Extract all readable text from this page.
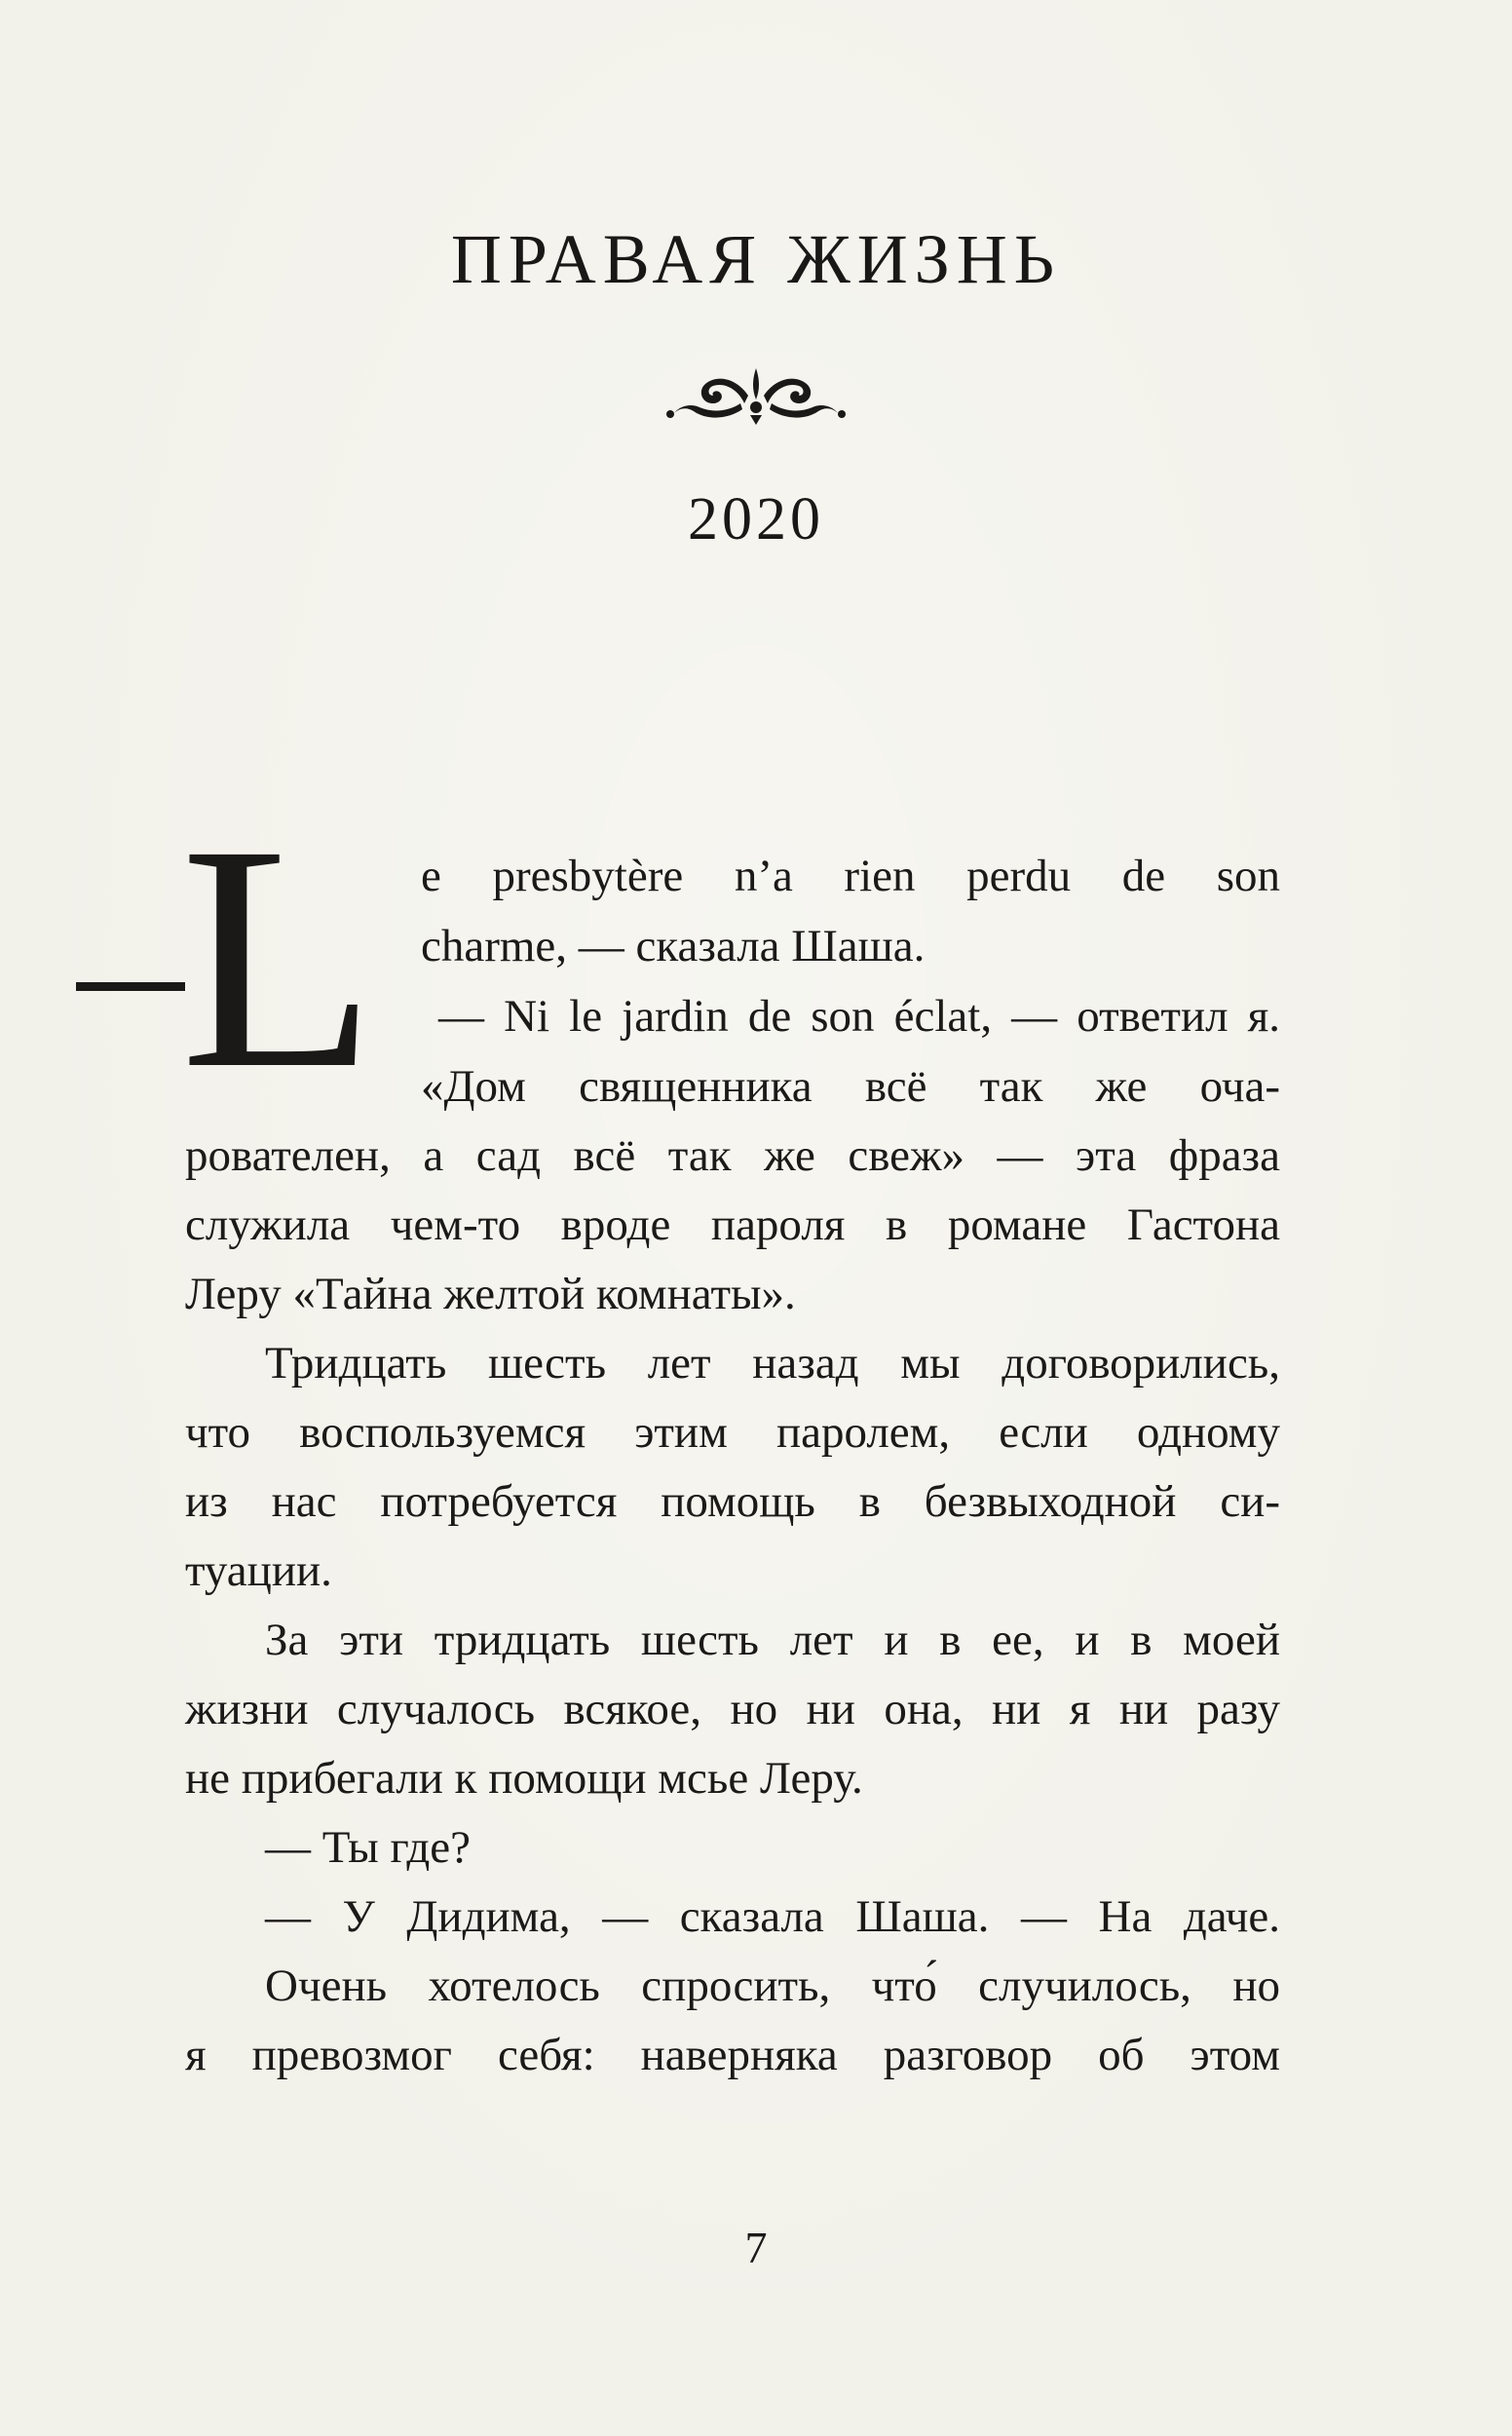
ПРАВАЯ ЖИЗНЬ
2020
L e presbytère n’a rien perdu de son
charme, — сказала Шаша.
— Ni le jardin de son éclat, — ответил я.
«Дом священника всё так же оча-
рователен, а сад всё так же свеж» — эта фраза
служила чем-то вроде пароля в романе Гастона
Леру «Тайна желтой комнаты».
Тридцать шесть лет назад мы договорились,
что воспользуемся этим паролем, если одному
из нас потребуется помощь в безвыходной си-
туации.
За эти тридцать шесть лет и в ее, и в моей
жизни случалось всякое, но ни она, ни я ни разу
не прибегали к помощи мсье Леру.
— Ты где?
— У Дидима, — сказала Шаша. — На даче.
Очень хотелось спросить, что́ случилось, но
я превозмог себя: наверняка разговор об этом
7
